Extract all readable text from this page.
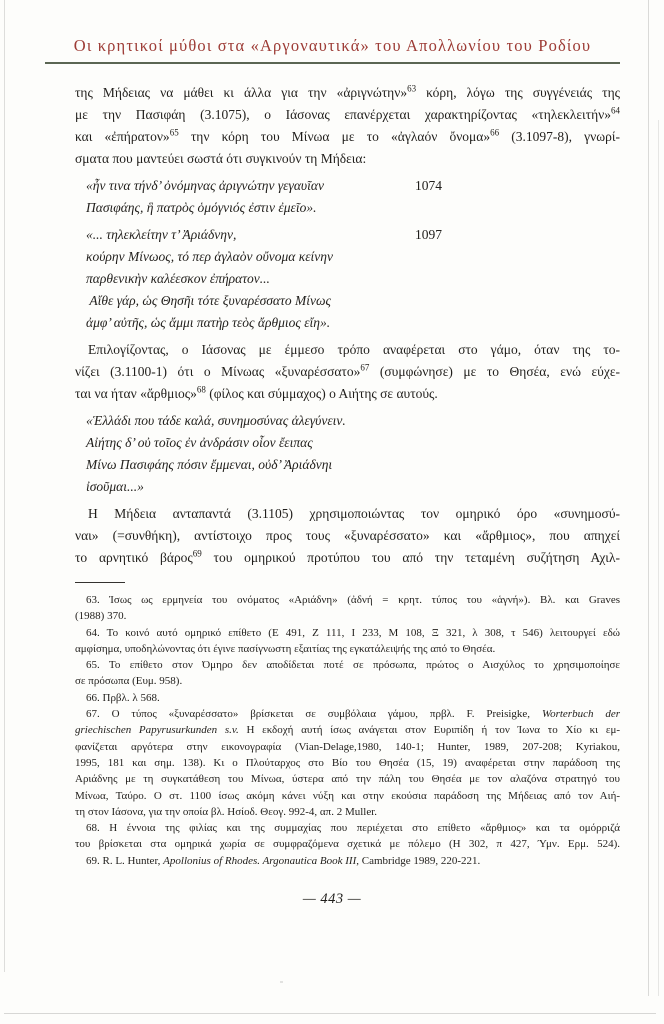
Οι κρητικοί μύθοι στα «Αργοναυτικά» του Απολλωνίου του Ροδίου
της Μήδειας να μάθει κι άλλα για την «ἀριγνώτην»$^{63}$ κόρη, λόγω της συγγένειάς της
με την Πασιφάη (3.1075), ο Ιάσονας επανέρχεται χαρακτηρίζοντας «τηλεκλειτήν»$^{64}$
και «ἐπήρατον»$^{65}$ την κόρη του Μίνωα με το «ἀγλαόν ὄνομα»$^{66}$ (3.1097-8), γνωρί-
σματα που μαντεύει σωστά ότι συγκινούν τη Μήδεια:
«ἦν τινα τήνδ’ ὀνόμηνας ἀριγνώτην γεγαυῖαν	1074
Πασιφάης, ἣ πατρὸς ὁμόγνιός ἐστιν ἐμεῖο».
«... τηλεκλείτην τ’ Ἀριάδνην,	1097
κούρην Μίνωος, τό περ ἀγλαὸν οὔνομα κείνην
παρθενικὴν καλέεσκον ἐπήρατον...
Αἴθε γάρ, ὡς Θησῆι τότε ξυναρέσσατο Μίνως
ἀμφ’ αὐτῆς, ὡς ἄμμι πατὴρ τεὸς ἄρθμιος εἴη».
Επιλογίζοντας, ο Ιάσονας με έμμεσο τρόπο αναφέρεται στο γάμο, όταν της το-
νίζει (3.1100-1) ότι ο Μίνωας «ξυναρέσσατο»$^{67}$ (συμφώνησε) με το Θησέα, ενώ εύχε-
ται να ήταν «ἄρθμιος»$^{68}$ (φίλος και σύμμαχος) ο Αιήτης σε αυτούς.
«Ἑλλάδι που τάδε καλά, συνημοσύνας ἀλεγύνειν.
Αἰήτης δ’ οὐ τοῖος ἐν ἀνδράσιν οἷον ἔειπας
Μίνω Πασιφάης πόσιν ἔμμεναι, οὐδ’ Ἀριάδνηι
ἰσοῦμαι...»
Η Μήδεια ανταπαντά (3.1105) χρησιμοποιώντας τον ομηρικό όρο «συνημοσύ-
ναι» (=συνθήκη), αντίστοιχο προς τους «ξυναρέσσατο» και «ἄρθμιος», που απηχεί
το αρνητικό βάρος$^{69}$ του ομηρικού προτύπου του από την τεταμένη συζήτηση Αχιλ-
63. Ίσως ως ερμηνεία του ονόματος «Αριάδνη» (ἀδνή = κρητ. τύπος του «ἁγνή»). Βλ. και Graves
(1988) 370.
64. Το κοινό αυτό ομηρικό επίθετο (Ε 491, Ζ 111, Ι 233, Μ 108, Ξ 321, λ 308, τ 546) λειτουργεί εδώ
αμφίσημα, υποδηλώνοντας ότι έγινε πασίγνωστη εξαιτίας της εγκατάλειψής της από το Θησέα.
65. Το επίθετο στον Όμηρο δεν αποδίδεται ποτέ σε πρόσωπα, πρώτος ο Αισχύλος το χρησιμοποίησε
σε πρόσωπα (Ευμ. 958).
66. Πρβλ. λ 568.
67. Ο τύπος «ξυναρέσσατο» βρίσκεται σε συμβόλαια γάμου, πρβλ. F. Preisigke, Worterbuch der
griechischen Papyrusurkunden s.v. Η εκδοχή αυτή ίσως ανάγεται στον Ευριπίδη ή τον Ίωνα το Χίο κι εμ-
φανίζεται αργότερα στην εικονογραφία (Vian-Delage,1980, 140-1; Hunter, 1989, 207-208; Kyriakou,
1995, 181 και σημ. 138). Κι ο Πλούταρχος στο Βίο του Θησέα (15, 19) αναφέρεται στην παράδοση της
Αριάδνης με τη συγκατάθεση του Μίνωα, ύστερα από την πάλη του Θησέα με τον αλαζόνα στρατηγό του
Μίνωα, Ταύρο. Ο στ. 1100 ίσως ακόμη κάνει νύξη και στην εκούσια παράδοση της Μήδειας από τον Αιή-
τη στον Ιάσονα, για την οποία βλ. Ησίοδ. Θεογ. 992-4, απ. 2 Muller.
68. Η έννοια της φιλίας και της συμμαχίας που περιέχεται στο επίθετο «ἄρθμιος» και τα ομόρριζά
του βρίσκεται στα ομηρικά χωρία σε συμφραζόμενα σχετικά με πόλεμο (Η 302, π 427, Ύμν. Ερμ. 524).
69. R. L. Hunter, Apollonius of Rhodes. Argonautica Book III, Cambridge 1989, 220-221.
— 443 —
